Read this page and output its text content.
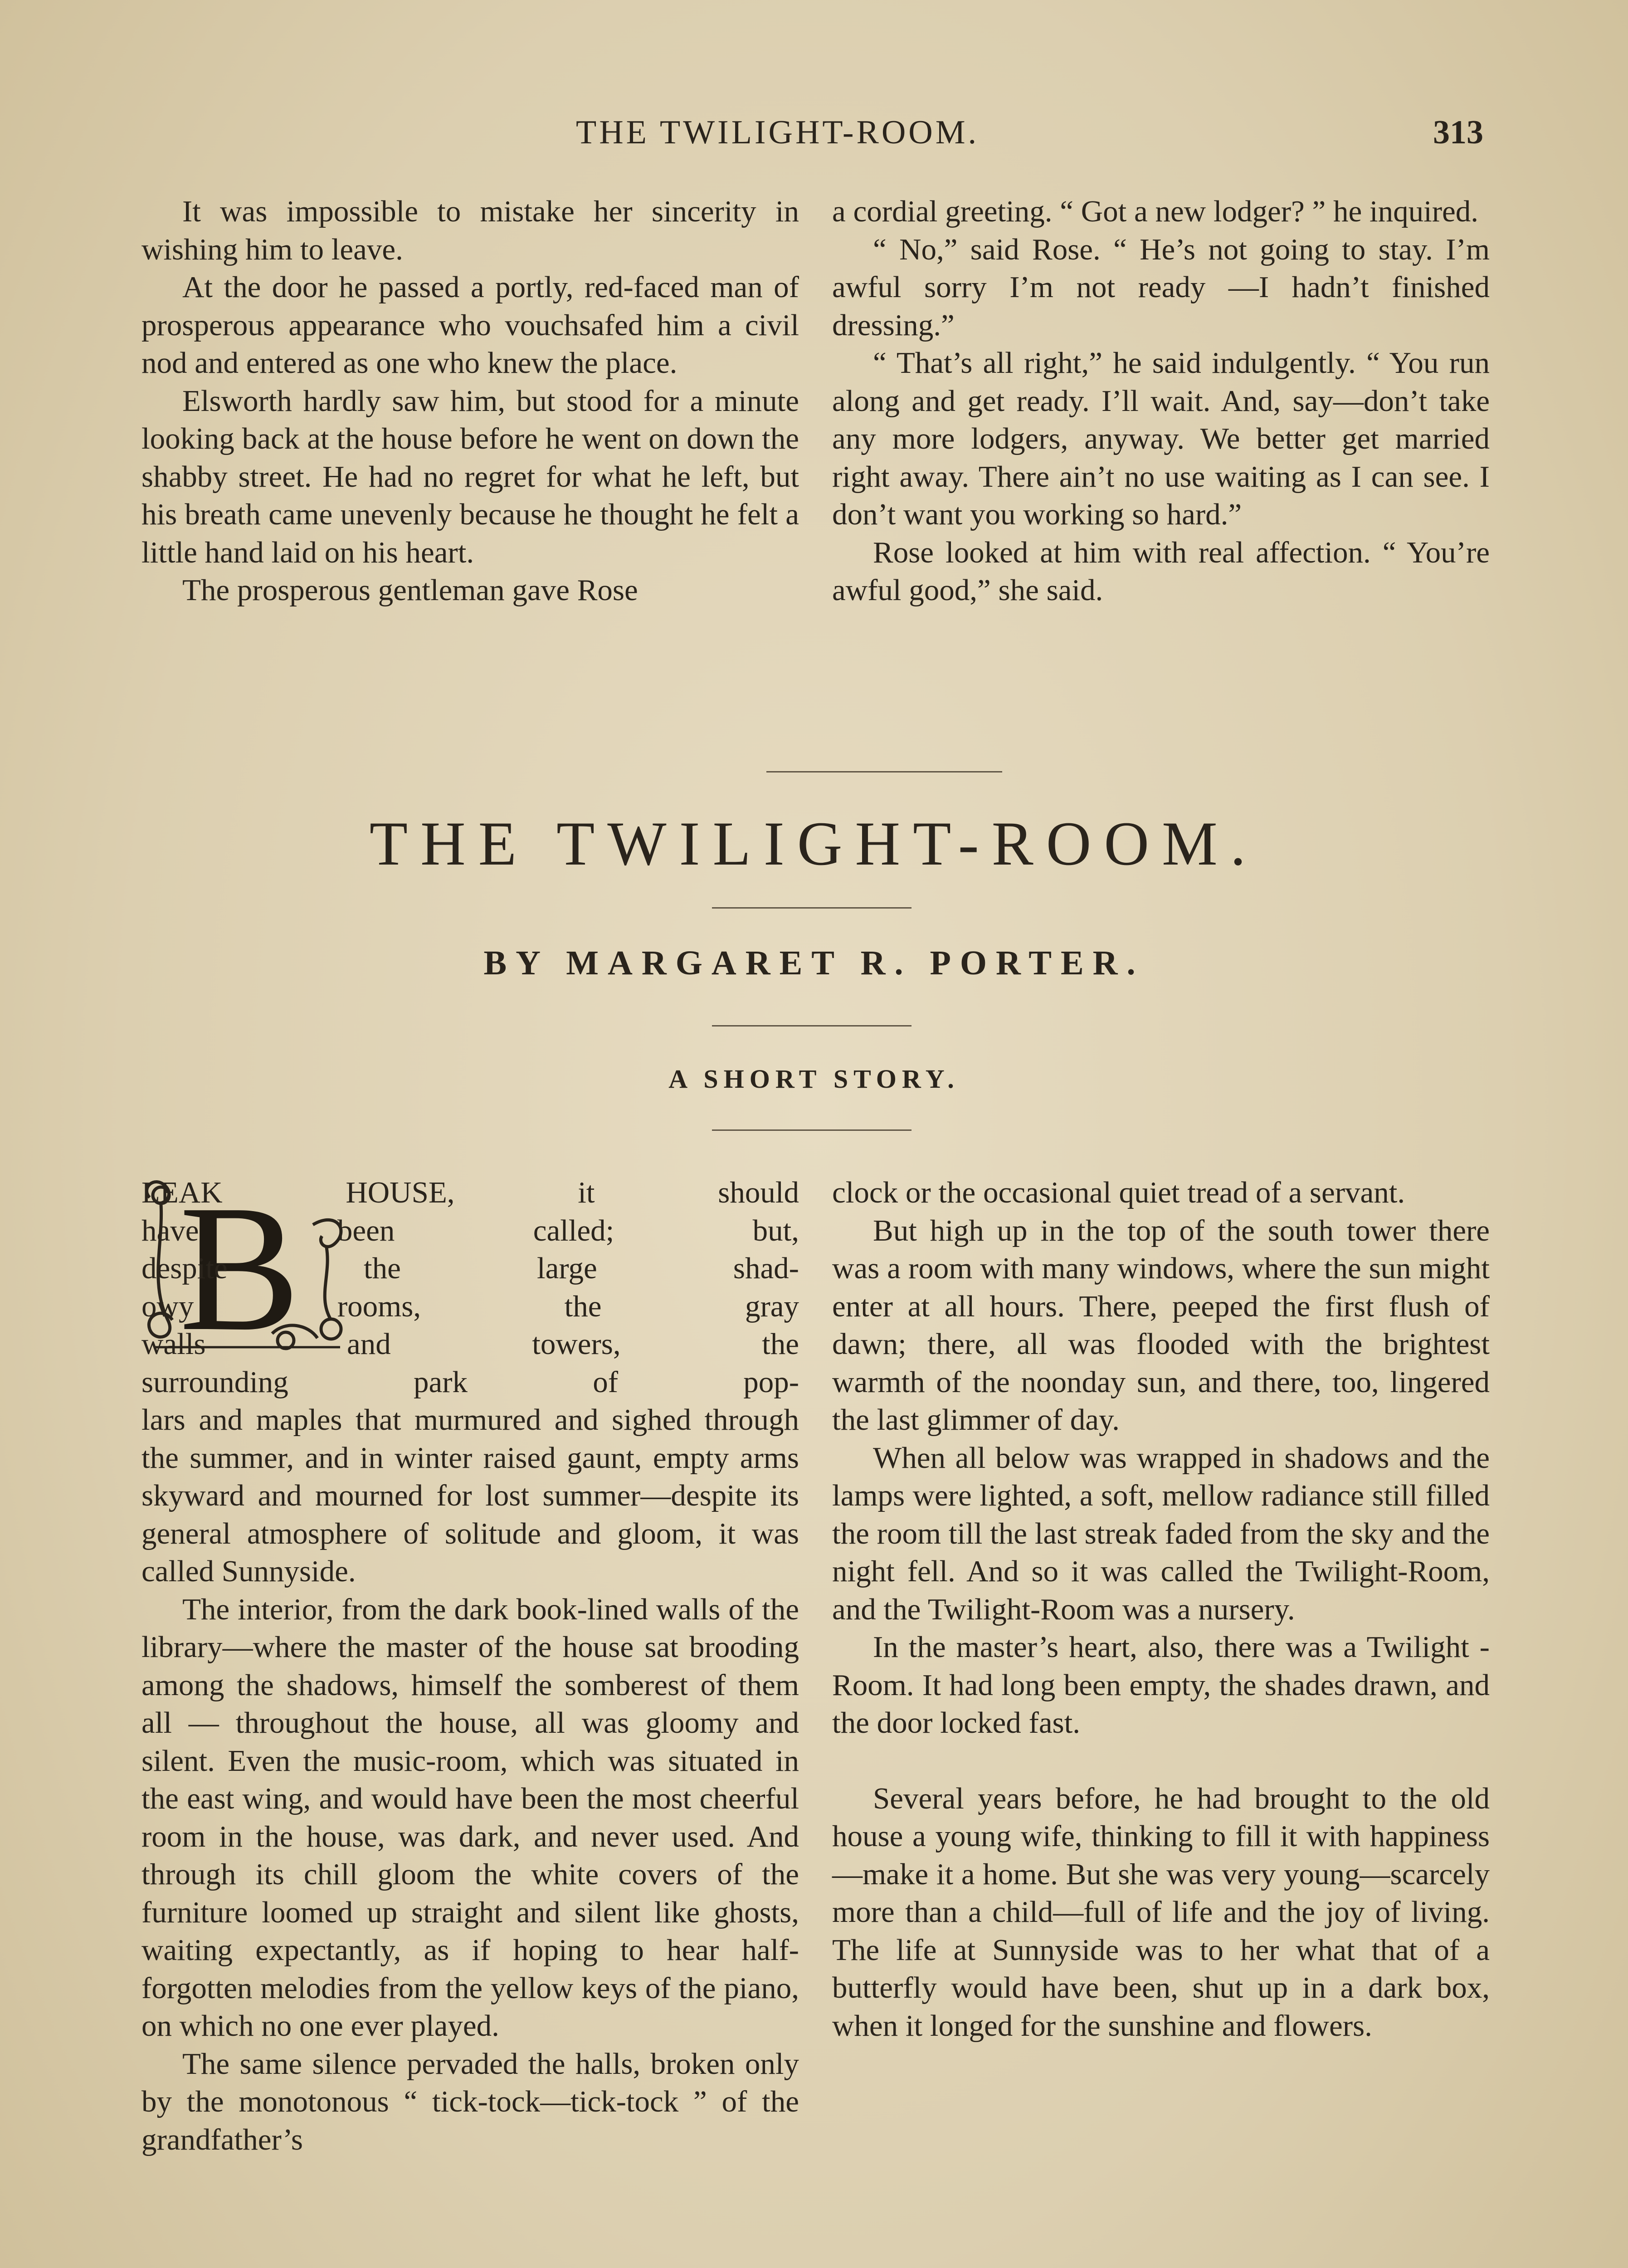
THE TWILIGHT-ROOM.	313

It was impossible to mistake her sincerity in wishing him to leave.

At the door he passed a portly, red-faced man of prosperous appearance who vouchsafed him a civil nod and entered as one who knew the place.

Elsworth hardly saw him, but stood for a minute looking back at the house before he went on down the shabby street. He had no regret for what he left, but his breath came unevenly because he thought he felt a little hand laid on his heart.

The prosperous gentleman gave Rose

a cordial greeting. “ Got a new lodger? ” he inquired.

“ No,” said Rose. “ He’s not going to stay. I’m awful sorry I’m not ready —I hadn’t finished dressing.”

“ That’s all right,” he said indulgently. “ You run along and get ready. I’ll wait. And, say—don’t take any more lodgers, anyway. We better get married right away. There ain’t no use waiting as I can see. I don’t want you working so hard.”

Rose looked at him with real affection. “ You’re awful good,” she said.

THE TWILIGHT-ROOM.
BY MARGARET R. PORTER.
A SHORT STORY.
B

LEAK HOUSE, it should

have been called; but,

despite the large shad-

owy rooms, the gray

walls and towers, the

surrounding park of pop-

lars and maples that murmured and sighed through the summer, and in winter raised gaunt, empty arms skyward and mourned for lost summer—despite its general atmosphere of solitude and gloom, it was called Sunnyside.

The interior, from the dark book-lined walls of the library—where the master of the house sat brooding among the shadows, himself the somberest of them all — throughout the house, all was gloomy and silent. Even the music-room, which was situated in the east wing, and would have been the most cheerful room in the house, was dark, and never used. And through its chill gloom the white covers of the furniture loomed up straight and silent like ghosts, waiting expectantly, as if hoping to hear half-forgotten melodies from the yellow keys of the piano, on which no one ever played.

The same silence pervaded the halls, broken only by the monotonous “ tick-tock—tick-tock ” of the grandfather’s

clock or the occasional quiet tread of a servant.

But high up in the top of the south tower there was a room with many windows, where the sun might enter at all hours. There, peeped the first flush of dawn; there, all was flooded with the brightest warmth of the noonday sun, and there, too, lingered the last glimmer of day.

When all below was wrapped in shadows and the lamps were lighted, a soft, mellow radiance still filled the room till the last streak faded from the sky and the night fell. And so it was called the Twilight-Room, and the Twilight-Room was a nursery.

In the master’s heart, also, there was a Twilight - Room. It had long been empty, the shades drawn, and the door locked fast.

Several years before, he had brought to the old house a young wife, thinking to fill it with happiness—make it a home. But she was very young—scarcely more than a child—full of life and the joy of living. The life at Sunnyside was to her what that of a butterfly would have been, shut up in a dark box, when it longed for the sunshine and flowers.
